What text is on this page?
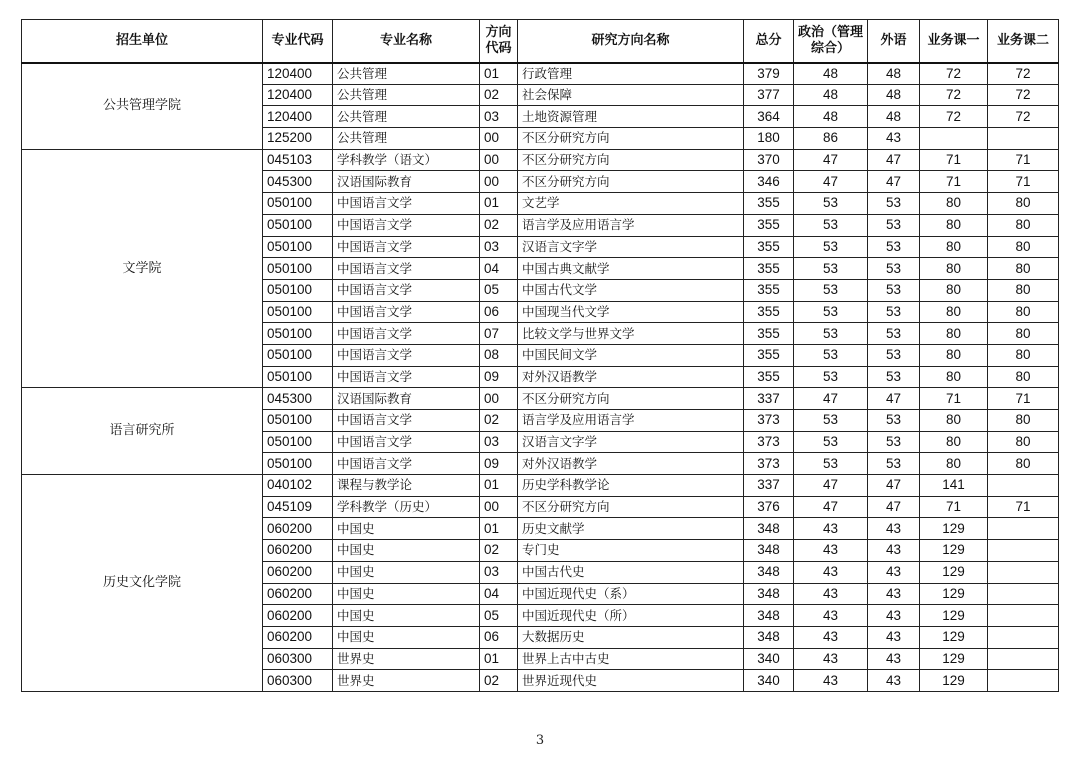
招生单位	专业代码	专业名称	方向代码	研究方向名称	总分	政治（管理综合）	外语	业务课一	业务课二
公共管理学院	120400	公共管理	01	行政管理	379	48	48	72	72
	120400	公共管理	02	社会保障	377	48	48	72	72
	120400	公共管理	03	土地资源管理	364	48	48	72	72
	125200	公共管理	00	不区分研究方向	180	86	43		
文学院	045103	学科教学（语文）	00	不区分研究方向	370	47	47	71	71
	045300	汉语国际教育	00	不区分研究方向	346	47	47	71	71
	050100	中国语言文学	01	文艺学	355	53	53	80	80
	050100	中国语言文学	02	语言学及应用语言学	355	53	53	80	80
	050100	中国语言文学	03	汉语言文字学	355	53	53	80	80
	050100	中国语言文学	04	中国古典文献学	355	53	53	80	80
	050100	中国语言文学	05	中国古代文学	355	53	53	80	80
	050100	中国语言文学	06	中国现当代文学	355	53	53	80	80
	050100	中国语言文学	07	比较文学与世界文学	355	53	53	80	80
	050100	中国语言文学	08	中国民间文学	355	53	53	80	80
	050100	中国语言文学	09	对外汉语教学	355	53	53	80	80
语言研究所	045300	汉语国际教育	00	不区分研究方向	337	47	47	71	71
	050100	中国语言文学	02	语言学及应用语言学	373	53	53	80	80
	050100	中国语言文学	03	汉语言文字学	373	53	53	80	80
	050100	中国语言文学	09	对外汉语教学	373	53	53	80	80
历史文化学院	040102	课程与教学论	01	历史学科教学论	337	47	47	141	
	045109	学科教学（历史）	00	不区分研究方向	376	47	47	71	71
	060200	中国史	01	历史文献学	348	43	43	129	
	060200	中国史	02	专门史	348	43	43	129	
	060200	中国史	03	中国古代史	348	43	43	129	
	060200	中国史	04	中国近现代史（系）	348	43	43	129	
	060200	中国史	05	中国近现代史（所）	348	43	43	129	
	060200	中国史	06	大数据历史	348	43	43	129	
	060300	世界史	01	世界上古中古史	340	43	43	129	
	060300	世界史	02	世界近现代史	340	43	43	129	
3
